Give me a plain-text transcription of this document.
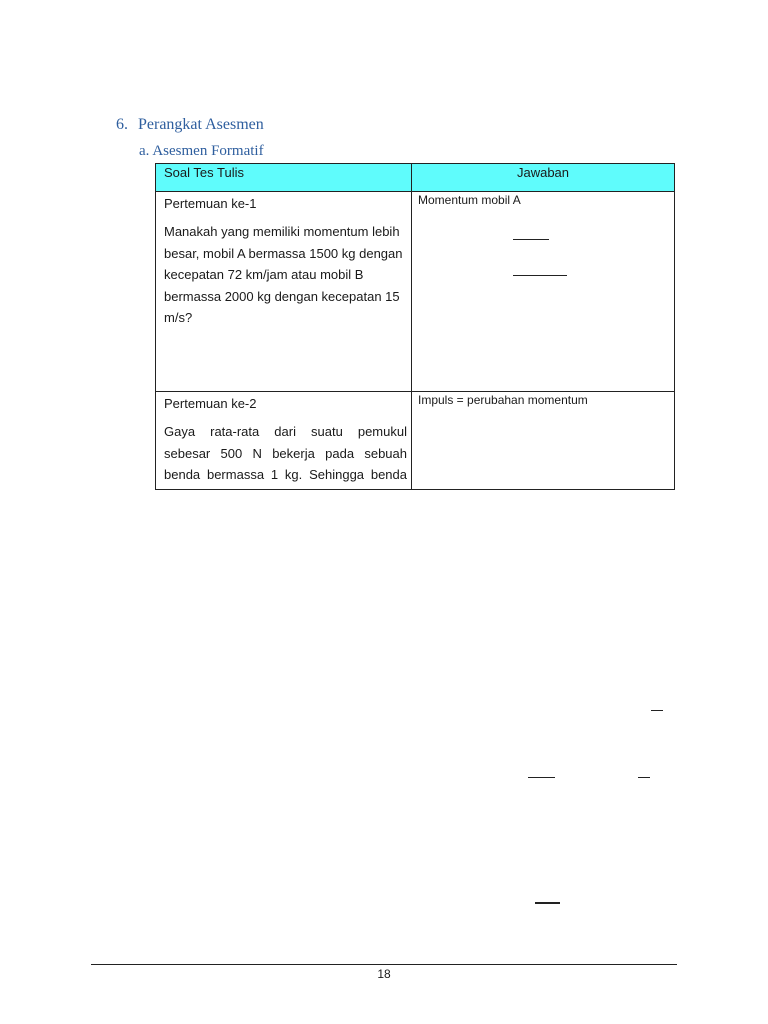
6. Perangkat Asesmen
a. Asesmen Formatif
Soal Tes Tulis	Jawaban

Pertemuan ke-1
Manakah yang memiliki momentum lebih besar, mobil A bermassa 1500 kg dengan kecepatan 72 km/jam atau mobil B bermassa 2000 kg dengan kecepatan 15 m/s?	Momentum mobil A

Pertemuan ke-2
Gaya rata-rata dari suatu pemukul sebesar 500 N bekerja pada sebuah benda bermassa 1 kg. Sehingga benda	Impuls = perubahan momentum
18
